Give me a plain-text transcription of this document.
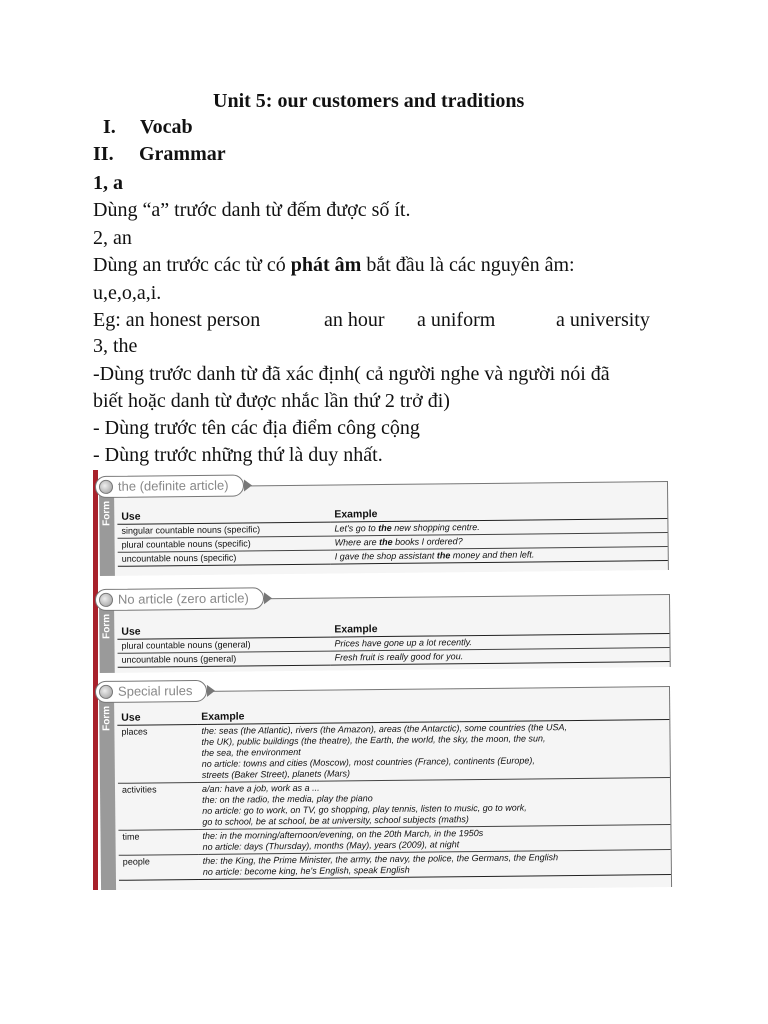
Unit 5: our customers and traditions
I. Vocab
II. Grammar
1, a
Dùng “a” trước danh từ đếm được số ít.
2, an
Dùng an trước các từ có phát âm bắt đầu là các nguyên âm:
u,e,o,a,i.
Eg: an honest person	an hour a uniform	a university
3, the
-Dùng trước danh từ đã xác định( cả người nghe và người nói đã
biết hoặc danh từ được nhắc lần thứ 2 trở đi)
- Dùng trước tên các địa điểm công cộng
- Dùng trước những thứ là duy nhất.
Form
the (definite article)
Use	Example
singular countable nouns (specific)	Let's go to the new shopping centre.
plural countable nouns (specific)	Where are the books I ordered?
uncountable nouns (specific)	I gave the shop assistant the money and then left.
Form
No article (zero article)
Use	Example
plural countable nouns (general)	Prices have gone up a lot recently.
uncountable nouns (general)	Fresh fruit is really good for you.
Form
Special rules
Use	Example
places	the: seas (the Atlantic), rivers (the Amazon), areas (the Antarctic), some countries (the USA,
the UK), public buildings (the theatre), the Earth, the world, the sky, the moon, the sun,
the sea, the environment
no article: towns and cities (Moscow), most countries (France), continents (Europe),
streets (Baker Street), planets (Mars)

activities	a/an: have a job, work as a ...
the: on the radio, the media, play the piano
no article: go to work, on TV, go shopping, play tennis, listen to music, go to work,
go to school, be at school, be at university, school subjects (maths)

time	the: in the morning/afternoon/evening, on the 20th March, in the 1950s
no article: days (Thursday), months (May), years (2009), at night

people	the: the King, the Prime Minister, the army, the navy, the police, the Germans, the English
no article: become king, he's English, speak English
